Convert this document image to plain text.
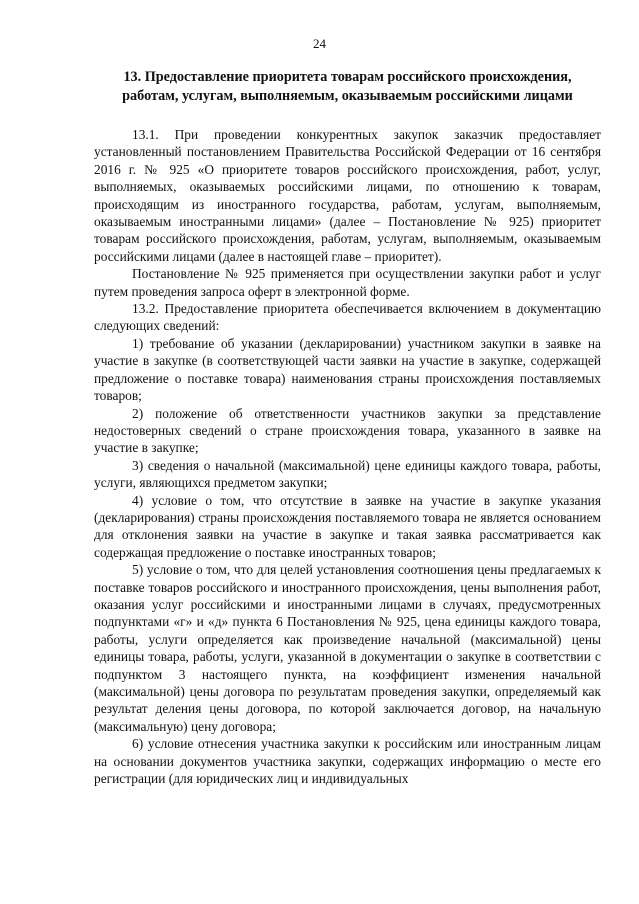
24
13. Предоставление приоритета товарам российского происхождения, работам, услугам, выполняемым, оказываемым российскими лицами

13.1. При проведении конкурентных закупок заказчик предоставляет установленный постановлением Правительства Российской Федерации от 16 сентября 2016 г. № 925 «О приоритете товаров российского происхождения, работ, услуг, выполняемых, оказываемых российскими лицами, по отношению к товарам, происходящим из иностранного государства, работам, услугам, выполняемым, оказываемым иностранными лицами» (далее – Постановление № 925) приоритет товарам российского происхождения, работам, услугам, выполняемым, оказываемым российскими лицами (далее в настоящей главе – приоритет).

Постановление № 925 применяется при осуществлении закупки работ и услуг путем проведения запроса оферт в электронной форме.

13.2. Предоставление приоритета обеспечивается включением в документацию следующих сведений:

1) требование об указании (декларировании) участником закупки в заявке на участие в закупке (в соответствующей части заявки на участие в закупке, содержащей предложение о поставке товара) наименования страны происхождения поставляемых товаров;

2) положение об ответственности участников закупки за представление недостоверных сведений о стране происхождения товара, указанного в заявке на участие в закупке;

3) сведения о начальной (максимальной) цене единицы каждого товара, работы, услуги, являющихся предметом закупки;

4) условие о том, что отсутствие в заявке на участие в закупке указания (декларирования) страны происхождения поставляемого товара не является основанием для отклонения заявки на участие в закупке и такая заявка рассматривается как содержащая предложение о поставке иностранных товаров;

5) условие о том, что для целей установления соотношения цены предлагаемых к поставке товаров российского и иностранного происхождения, цены выполнения работ, оказания услуг российскими и иностранными лицами в случаях, предусмотренных подпунктами «г» и «д» пункта 6 Постановления № 925, цена единицы каждого товара, работы, услуги определяется как произведение начальной (максимальной) цены единицы товара, работы, услуги, указанной в документации о закупке в соответствии с подпунктом 3 настоящего пункта, на коэффициент изменения начальной (максимальной) цены договора по результатам проведения закупки, определяемый как результат деления цены договора, по которой заключается договор, на начальную (максимальную) цену договора;

6) условие отнесения участника закупки к российским или иностранным лицам на основании документов участника закупки, содержащих информацию о месте его регистрации (для юридических лиц и индивидуальных
